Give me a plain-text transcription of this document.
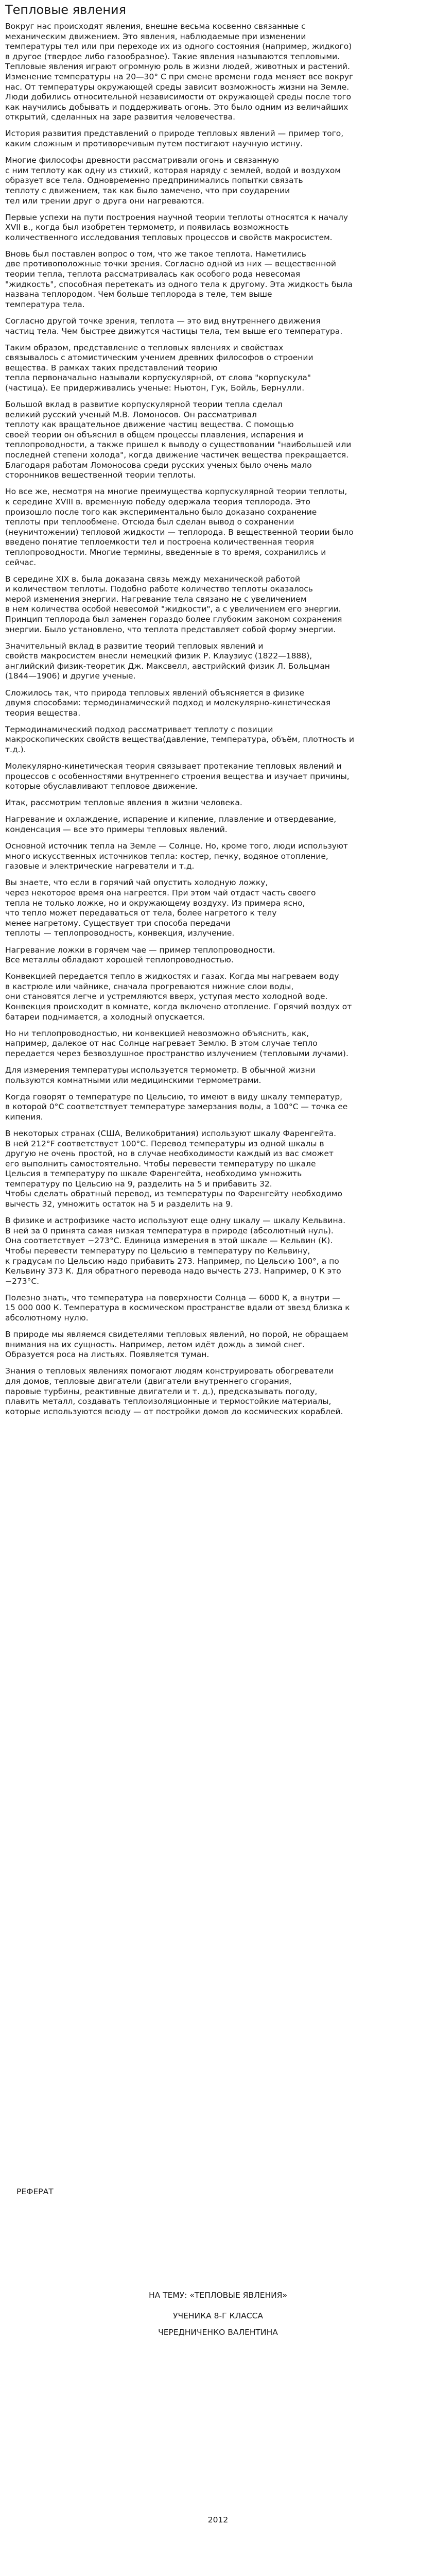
Тепловые явления

Вокруг нас происходят явления, внешне весьма косвенно связанные с
механическим движением. Это явления, наблюдаемые при изменении
температуры тел или при переходе их из одного состояния (например, жидкого)
в другое (твердое либо газообразное). Такие явления называются тепловыми.
Тепловые явления играют огромную роль в жизни людей, животных и растений.
Изменение температуры на 20—30° С при смене времени года меняет все вокруг
нас. От температуры окружающей среды зависит возможность жизни на Земле.
Люди добились относительной независимости от окружающей среды после того
как научились добывать и поддерживать огонь. Это было одним из величайших
открытий, сделанных на заре развития человечества.

История развития представлений о природе тепловых явлений — пример того,
каким сложным и противоречивым путем постигают научную истину.

Многие философы древности рассматривали огонь и связанную
с ним теплоту как одну из стихий, которая наряду с землей, водой и воздухом
образует все тела. Одновременно предпринимались попытки связать
теплоту с движением, так как было замечено, что при соударении
тел или трении друг о друга они нагреваются.

Первые успехи на пути построения научной теории теплоты относятся к началу
XVII в., когда был изобретен термометр, и появилась возможность
количественного исследования тепловых процессов и свойств макросистем.

Вновь был поставлен вопрос о том, что же такое теплота. Наметились
две противоположные точки зрения. Согласно одной из них — вещественной
теории тепла, теплота рассматривалась как особого рода невесомая
"жидкость", способная перетекать из одного тела к другому. Эта жидкость была
названа теплородом. Чем больше теплорода в теле, тем выше
температура тела.

Согласно другой точке зрения, теплота — это вид внутреннего движения
частиц тела. Чем быстрее движутся частицы тела, тем выше его температура.

Таким образом, представление о тепловых явлениях и свойствах
связывалось с атомистическим учением древних философов о строении
вещества. В рамках таких представлений теорию
тепла первоначально называли корпускулярной, от слова "корпускула"
(частица). Ее придерживались ученые: Ньютон, Гук, Бойль, Бернулли.

Большой вклад в развитие корпускулярной теории тепла сделал
великий русский ученый М.В. Ломоносов. Он рассматривал
теплоту как вращательное движение частиц вещества. С помощью
своей теории он объяснил в общем процессы плавления, испарения и
теплопроводности, а также пришел к выводу о существовании "наибольшей или
последней степени холода", когда движение частичек вещества прекращается.
Благодаря работам Ломоносова среди русских ученых было очень мало
сторонников вещественной теории теплоты.

Но все же, несмотря на многие преимущества корпускулярной теории теплоты,
к середине XVIII в. временную победу одержала теория теплорода. Это
произошло после того как экспериментально было доказано сохранение
теплоты при теплообмене. Отсюда был сделан вывод о сохранении
(неуничтожении) тепловой жидкости — теплорода. В вещественной теории было
введено понятие теплоемкости тел и построена количественная теория
теплопроводности. Многие термины, введенные в то время, сохранились и
сейчас.

В середине XIX в. была доказана связь между механической работой
и количеством теплоты. Подобно работе количество теплоты оказалось
мерой изменения энергии. Нагревание тела связано не с увеличением
в нем количества особой невесомой "жидкости", а с увеличением его энергии.
Принцип теплорода был заменен гораздо более глубоким законом сохранения
энергии. Было установлено, что теплота представляет собой форму энергии.

Значительный вклад в развитие теорий тепловых явлений и
свойств макросистем внесли немецкий физик Р. Клаузиус (1822—1888),
английский физик-теоретик Дж. Максвелл, австрийский физик Л. Больцман
(1844—1906) и другие ученые.

Сложилось так, что природа тепловых явлений объясняется в физике
двумя способами: термодинамический подход и молекулярно-кинетическая
теория вещества.

Термодинамический подход рассматривает теплоту с позиции
макроскопических свойств вещества(давление, температура, объём, плотность и
т.д.).

Молекулярно-кинетическая теория связывает протекание тепловых явлений и
процессов с особенностями внутреннего строения вещества и изучает причины,
которые обуславливают тепловое движение.

Итак, рассмотрим тепловые явления в жизни человека.

Нагревание и охлаждение, испарение и кипение, плавление и отвердевание,
конденсация — все это примеры тепловых явлений.

Основной источник тепла на Земле — Солнце. Но, кроме того, люди используют
много искусственных источников тепла: костер, печку, водяное отопление,
газовые и электрические нагреватели и т.д.

Вы знаете, что если в горячий чай опустить холодную ложку,
через некоторое время она нагреется. При этом чай отдаст часть своего
тепла не только ложке, но и окружающему воздуху. Из примера ясно,
что тепло может передаваться от тела, более нагретого к телу
менее нагретому. Существует три способа передачи
теплоты — теплопроводность, конвекция, излучение.

Нагревание ложки в горячем чае — пример теплопроводности.
Все металлы обладают хорошей теплопроводностью.

Конвекцией передается тепло в жидкостях и газах. Когда мы нагреваем воду
в кастрюле или чайнике, сначала прогреваются нижние слои воды,
они становятся легче и устремляются вверх, уступая место холодной воде.
Конвекция происходит в комнате, когда включено отопление. Горячий воздух от
батареи поднимается, а холодный опускается.

Но ни теплопроводностью, ни конвекцией невозможно объяснить, как,
например, далекое от нас Солнце нагревает Землю. В этом случае тепло
передается через безвоздушное пространство излучением (тепловыми лучами).

Для измерения температуры используется термометр. В обычной жизни
пользуются комнатными или медицинскими термометрами.

Когда говорят о температуре по Цельсию, то имеют в виду шкалу температур,
в которой 0°С соответствует температуре замерзания воды, а 100°С — точка ее
кипения.

В некоторых странах (США, Великобритания) используют шкалу Фаренгейта.
В ней 212°F соответствует 100°С. Перевод температуры из одной шкалы в
другую не очень простой, но в случае необходимости каждый из вас сможет
его выполнить самостоятельно. Чтобы перевести температуру по шкале
Цельсия в температуру по шкале Фаренгейта, необходимо умножить
температуру по Цельсию на 9, разделить на 5 и прибавить 32.
Чтобы сделать обратный перевод, из температуры по Фаренгейту необходимо
вычесть 32, умножить остаток на 5 и разделить на 9.

В физике и астрофизике часто используют еще одну шкалу — шкалу Кельвина.
В ней за 0 принята самая низкая температура в природе (абсолютный нуль).
Она соответствует −273°С. Единица измерения в этой шкале — Кельвин (К).
Чтобы перевести температуру по Цельсию в температуру по Кельвину,
к градусам по Цельсию надо прибавить 273. Например, по Цельсию 100°, а по
Кельвину 373 К. Для обратного перевода надо вычесть 273. Например, 0 К это
−273°С.

Полезно знать, что температура на поверхности Солнца — 6000 К, а внутри —
15 000 000 К. Температура в космическом пространстве вдали от звезд близка к
абсолютному нулю.

В природе мы являемся свидетелями тепловых явлений, но порой, не обращаем
внимания на их сущность. Например, летом идёт дождь а зимой снег.
Образуется роса на листьях. Появляется туман.

Знания о тепловых явлениях помогают людям конструировать обогреватели
для домов, тепловые двигатели (двигатели внутреннего сгорания,
паровые турбины, реактивные двигатели и т. д.), предсказывать погоду,
плавить металл, создавать теплоизоляционные и термостойкие материалы,
которые используются всюду — от постройки домов до космических кораблей.

РЕФЕРАТ
НА ТЕМУ: «ТЕПЛОВЫЕ ЯВЛЕНИЯ»
УЧЕНИКА 8-Г КЛАССА
ЧЕРЕДНИЧЕНКО ВАЛЕНТИНА
2012
